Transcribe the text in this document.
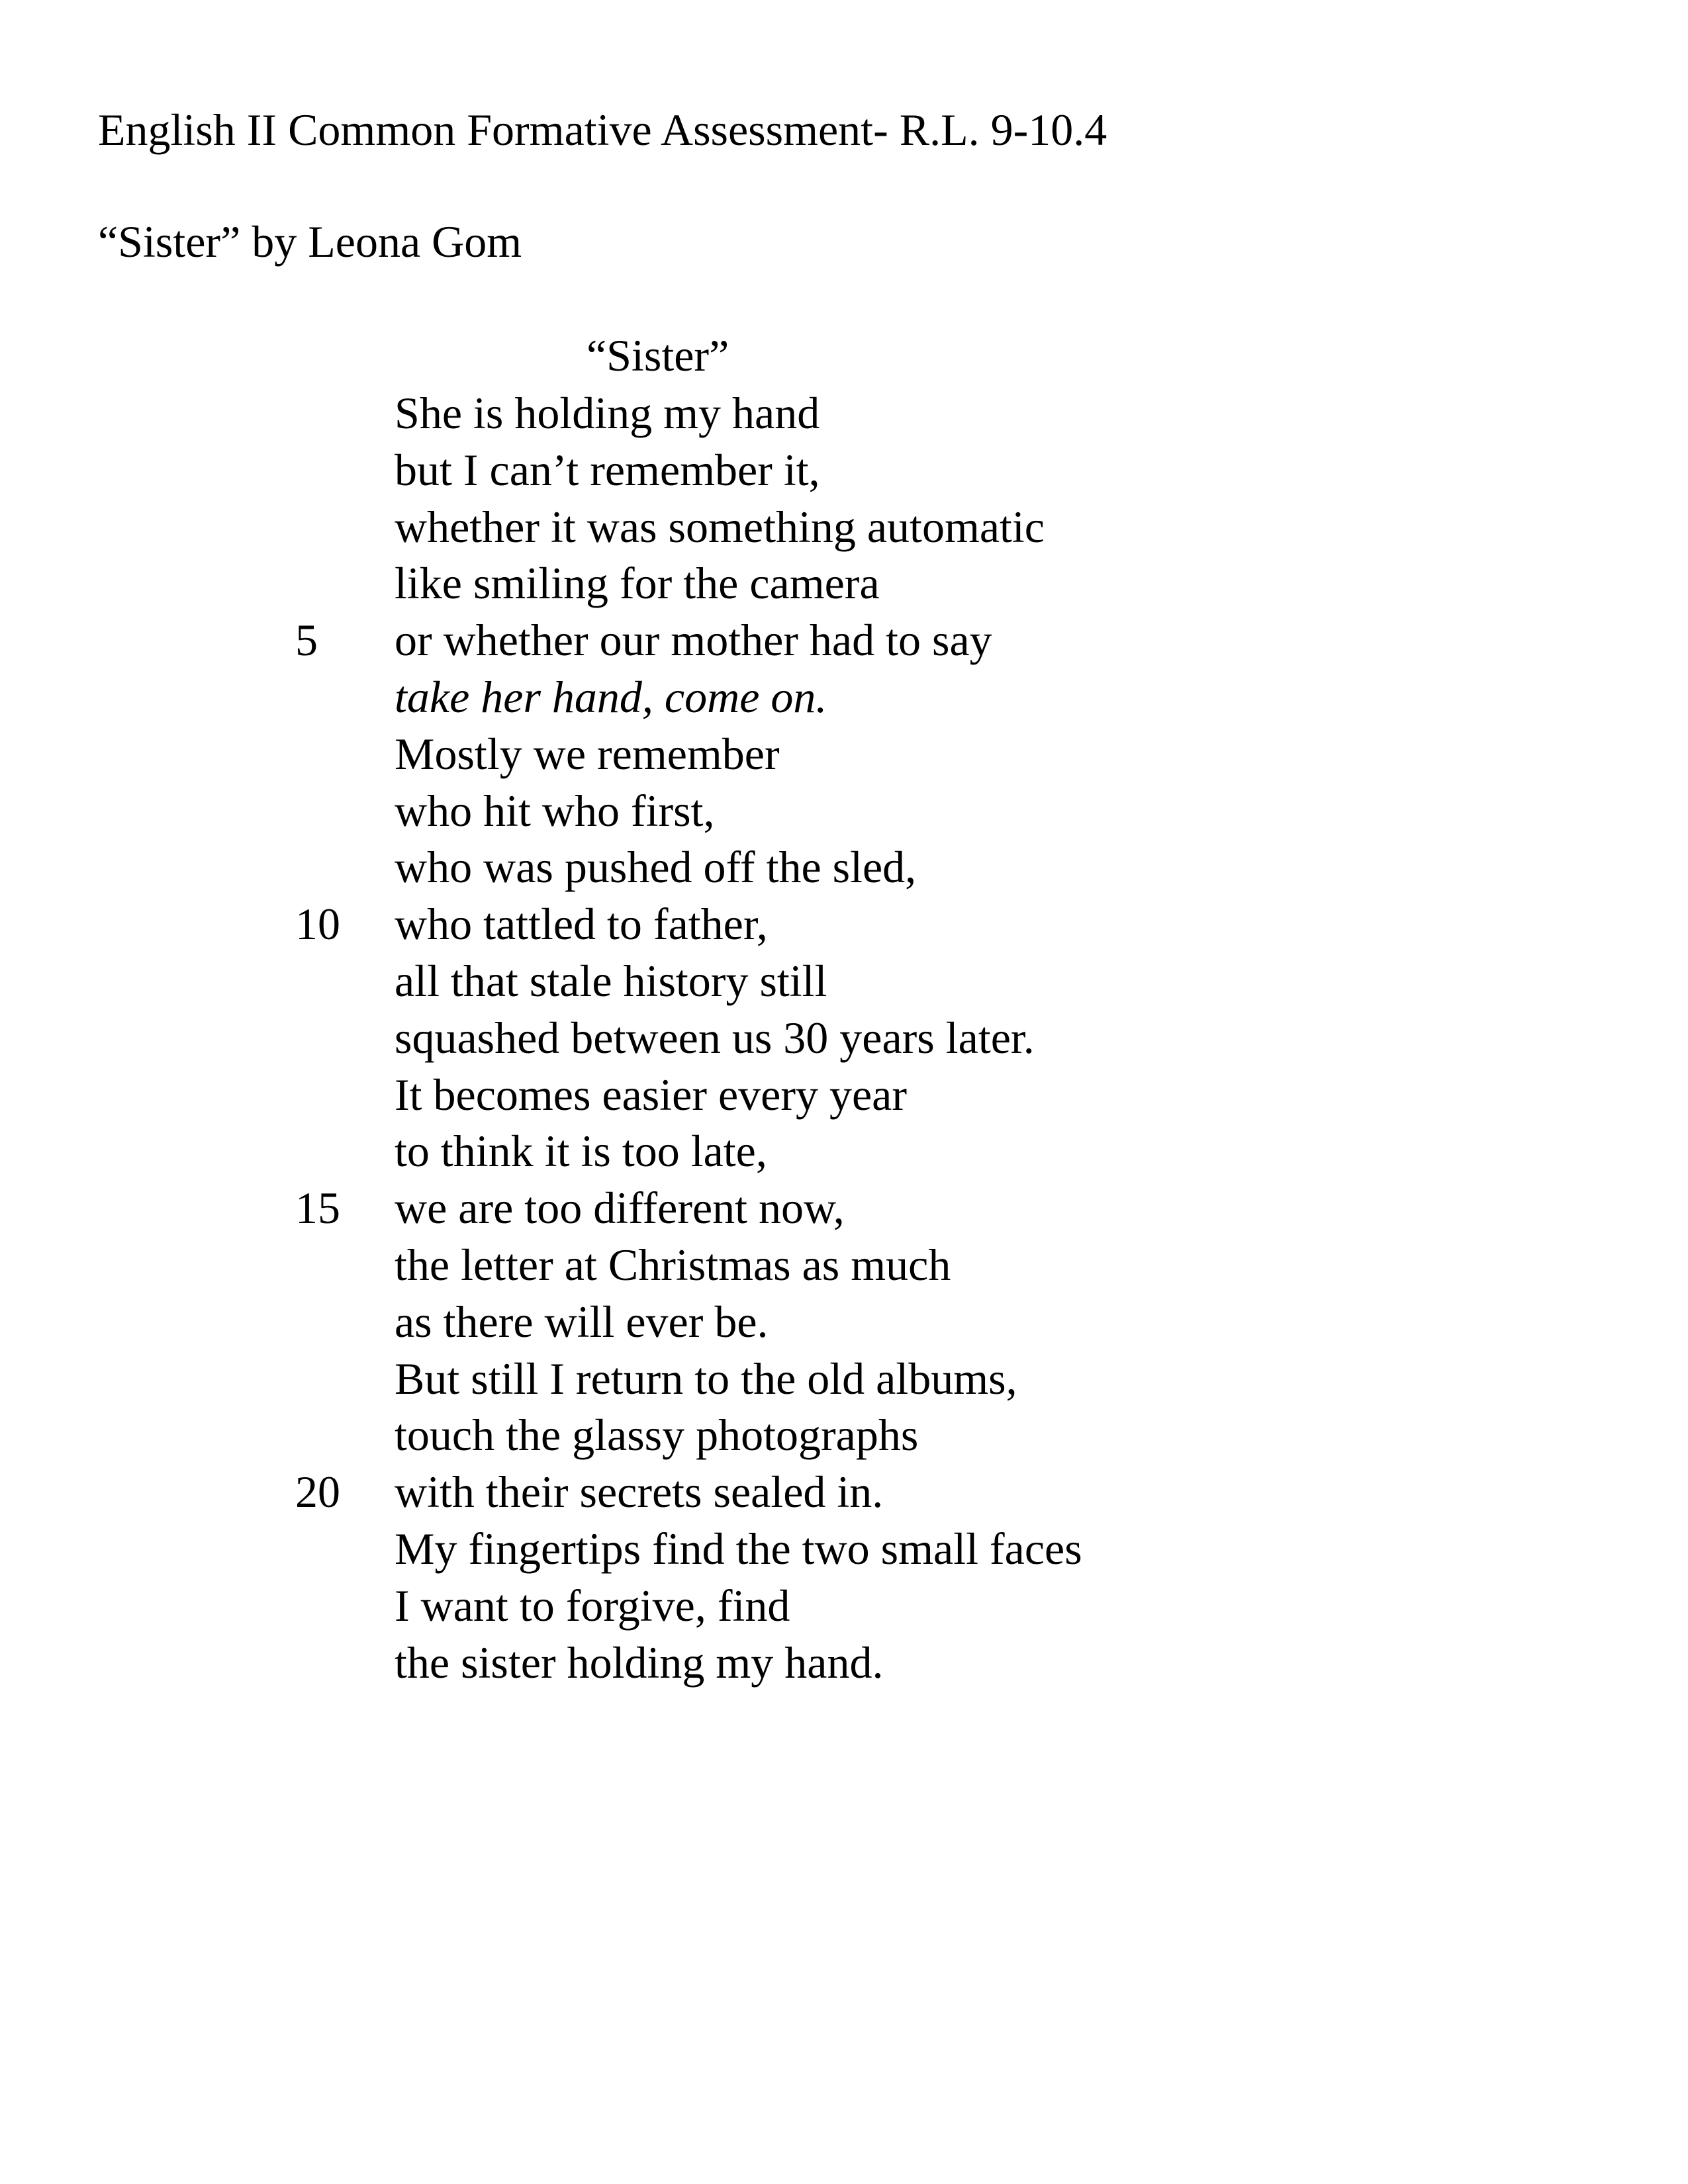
English II Common Formative Assessment- R.L. 9-10.4
“Sister” by Leona Gom
“Sister”
She is holding my hand
but I can’t remember it,
whether it was something automatic
like smiling for the camera
5 or whether our mother had to say
take her hand, come on.
Mostly we remember
who hit who first,
who was pushed off the sled,
10 who tattled to father,
all that stale history still
squashed between us 30 years later.
It becomes easier every year
to think it is too late,
15 we are too different now,
the letter at Christmas as much
as there will ever be.
But still I return to the old albums,
touch the glassy photographs
20 with their secrets sealed in.
My fingertips find the two small faces
I want to forgive, find
the sister holding my hand.
